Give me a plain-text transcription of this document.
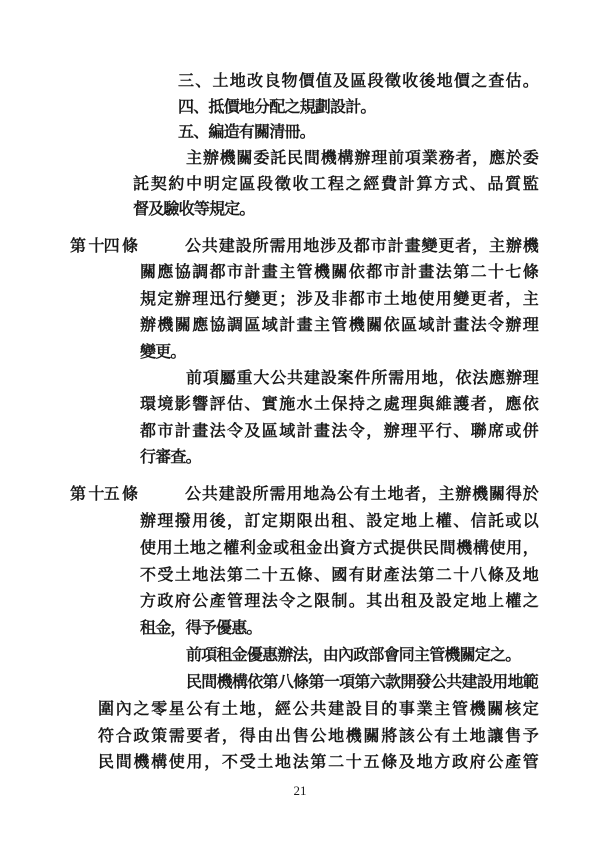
21
三、土地改良物價值及區段徵收後地價之查估。
四、抵價地分配之規劃設計。
五、編造有關清冊。
主辦機關委託民間機構辦理前項業務者，應於委
託契約中明定區段徵收工程之經費計算方式、品質監
督及驗收等規定。
第 十四 條	公共建設所需用地涉及都市計畫變更者，主辦機
關應協調都市計畫主管機關依都市計畫法第二十七條
規定辦理迅行變更；涉及非都市土地使用變更者，主
辦機關應協調區域計畫主管機關依區域計畫法令辦理
變更。
前項屬重大公共建設案件所需用地，依法應辦理
環境影響評估、實施水土保持之處理與維護者，應依
都市計畫法令及區域計畫法令，辦理平行、聯席或併
行審查。
第 十五 條	公共建設所需用地為公有土地者，主辦機關得於
辦理撥用後，訂定期限出租、設定地上權、信託或以
使用土地之權利金或租金出資方式提供民間機構使用，
不受土地法第二十五條、國有財產法第二十八條及地
方政府公產管理法令之限制。其出租及設定地上權之
租金，得予優惠。
前項租金優惠辦法，由內政部會同主管機關定之。
民間機構依第八條第一項第六款開發公共建設用地範
圍內之零星公有土地，經公共建設目的事業主管機關核定
符合政策需要者，得由出售公地機關將該公有土地讓售予
民間機構使用，不受土地法第二十五條及地方政府公產管
